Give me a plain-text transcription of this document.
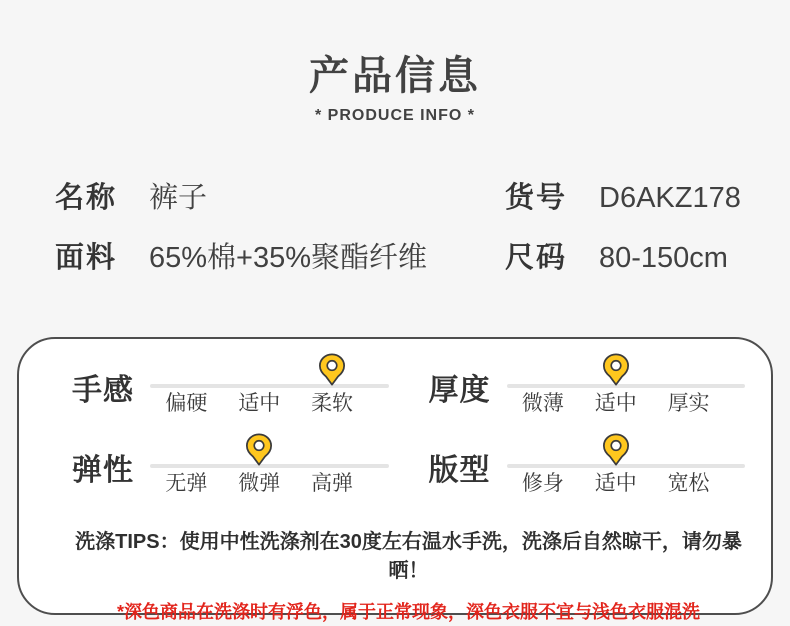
产品信息
* PRODUCE INFO *
名称	裤子	货号	D6AKZ178
面料	65%棉+35%聚酯纤维	尺码	80-150cm
手感	偏硬	适中	柔软	厚度	微薄	适中	厚实
弹性	无弹	微弹	高弹	版型	修身	适中	宽松
洗涤TIPS：使用中性洗涤剂在30度左右温水手洗，洗涤后自然晾干，请勿暴晒！
*深色商品在洗涤时有浮色，属于正常现象，深色衣服不宜与浅色衣服混洗
